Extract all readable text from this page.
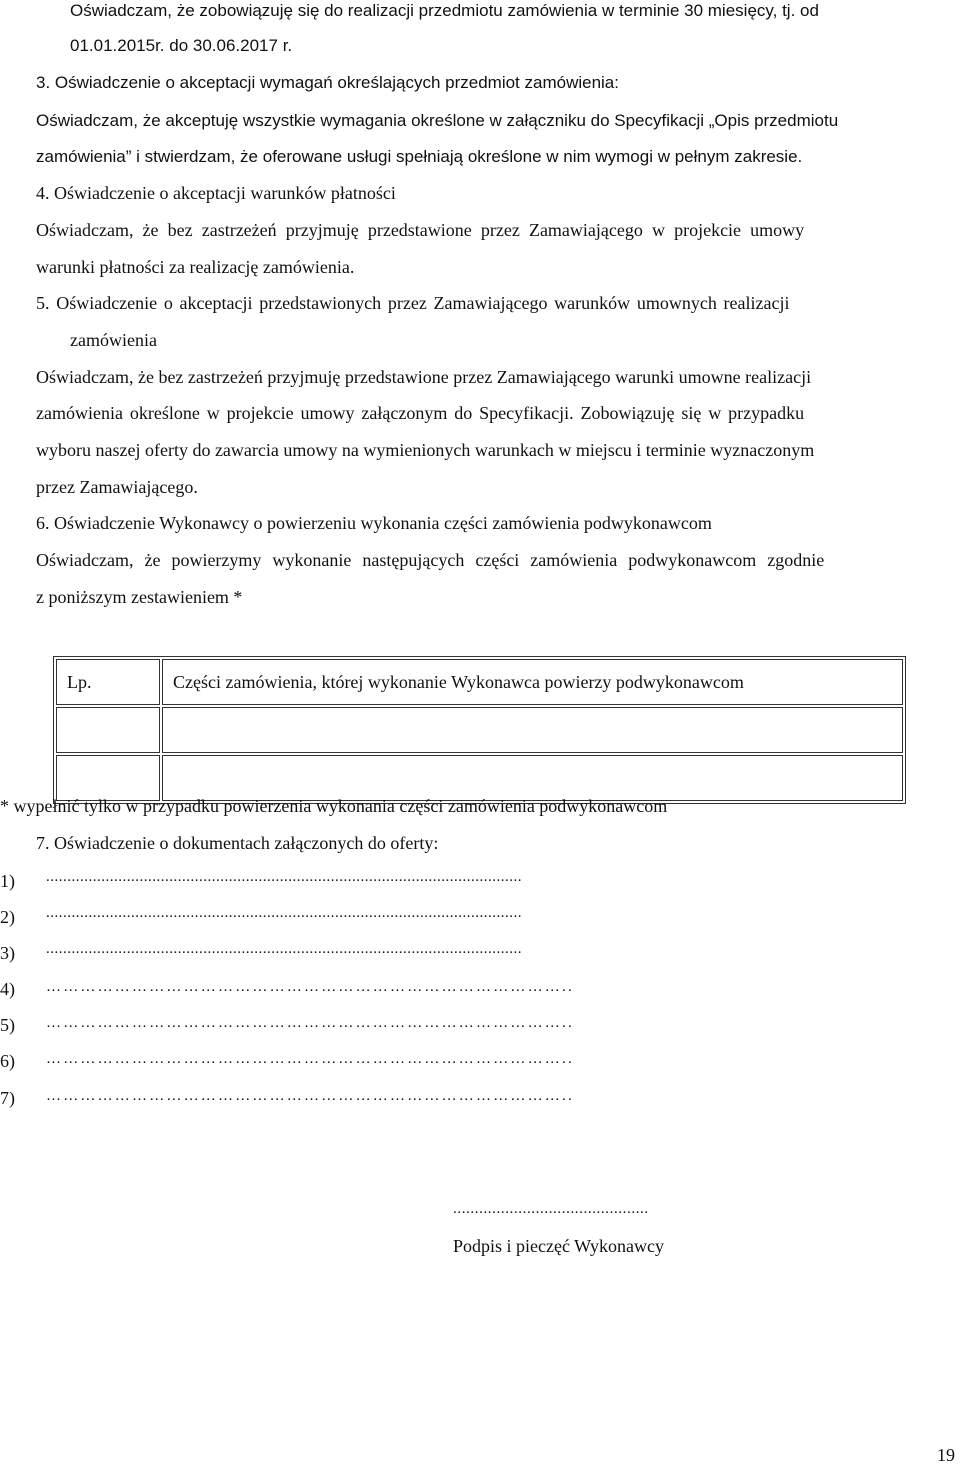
Oświadczam, że zobowiązuję się do realizacji przedmiotu zamówienia w terminie 30 miesięcy, tj. od
01.01.2015r. do 30.06.2017 r.
3. Oświadczenie o akceptacji wymagań określających przedmiot zamówienia:
Oświadczam, że akceptuję wszystkie wymagania określone w załączniku do Specyfikacji „Opis przedmiotu
zamówienia” i stwierdzam, że oferowane usługi spełniają określone w nim wymogi w pełnym zakresie.
4. Oświadczenie o akceptacji warunków płatności
Oświadczam, że bez zastrzeżeń przyjmuję przedstawione przez Zamawiającego w projekcie umowy
warunki płatności za realizację zamówienia.
5. Oświadczenie o akceptacji przedstawionych przez Zamawiającego warunków umownych realizacji
zamówienia
Oświadczam, że bez zastrzeżeń przyjmuję przedstawione przez Zamawiającego warunki umowne realizacji
zamówienia określone w projekcie umowy załączonym do Specyfikacji. Zobowiązuję się w przypadku
wyboru naszej oferty do zawarcia umowy na wymienionych warunkach w miejscu i terminie wyznaczonym
przez Zamawiającego.
6. Oświadczenie Wykonawcy o powierzeniu wykonania części zamówienia podwykonawcom
Oświadczam, że powierzymy wykonanie następujących części zamówienia podwykonawcom zgodnie
z poniższym zestawieniem *
Lp.	Części zamówienia, której wykonanie Wykonawca powierzy podwykonawcom

* wypełnić tylko w przypadku powierzenia wykonania części zamówienia podwykonawcom
7. Oświadczenie o dokumentach załączonych do oferty:
1) ................................................................................................................
2) ................................................................................................................
3) ................................................................................................................
4) ………………………………………………………………………………..
5) ………………………………………………………………………………..
6) ………………………………………………………………………………..
7) ………………………………………………………………………………..
.............................................
Podpis i pieczęć Wykonawcy
19
